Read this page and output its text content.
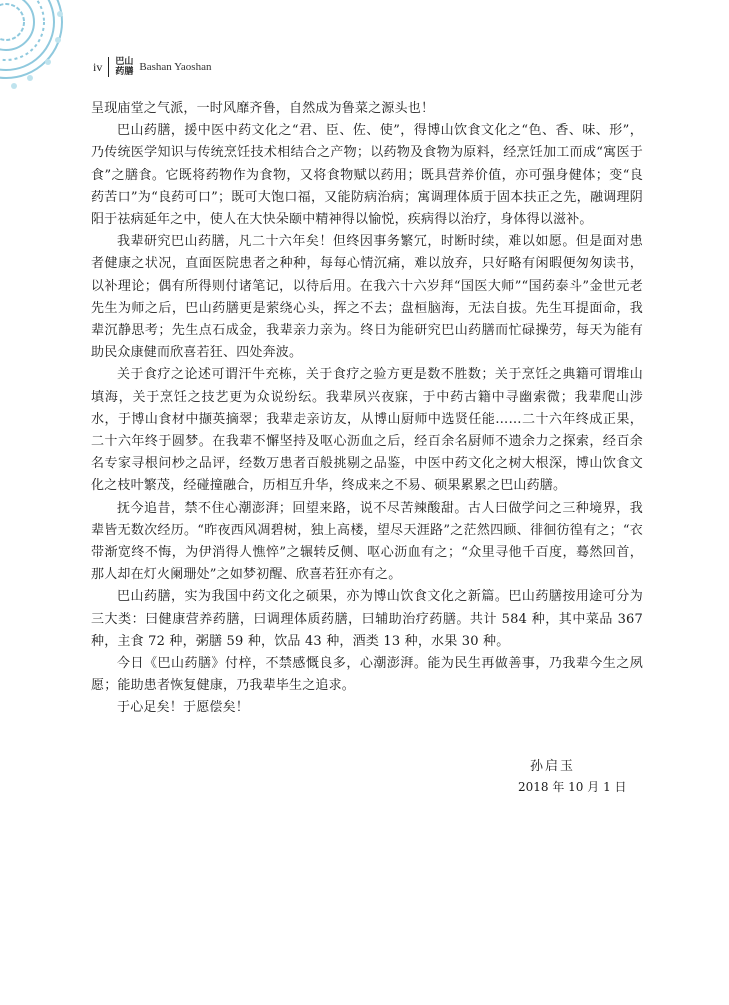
iv 巴山
药膳 Bashan Yaoshan

呈现庙堂之气派，一时风靡齐鲁，自然成为鲁菜之源头也！

巴山药膳，援中医中药文化之“君、臣、佐、使”，得博山饮食文化之“色、香、味、形”，乃传统医学知识与传统烹饪技术相结合之产物；以药物及食物为原料，经烹饪加工而成“寓医于食”之膳食。它既将药物作为食物，又将食物赋以药用；既具营养价值，亦可强身健体；变“良药苦口”为“良药可口”；既可大饱口福，又能防病治病；寓调理体质于固本扶正之先，融调理阴阳于祛病延年之中，使人在大快朵颐中精神得以愉悦，疾病得以治疗，身体得以滋补。

我辈研究巴山药膳，凡二十六年矣！但终因事务繁冗，时断时续，难以如愿。但是面对患者健康之状况，直面医院患者之种种，每每心情沉痛，难以放弃，只好略有闲暇便匆匆读书，以补理论；偶有所得则付诸笔记，以待后用。在我六十六岁拜“国医大师”“国药泰斗”金世元老先生为师之后，巴山药膳更是萦绕心头，挥之不去；盘桓脑海，无法自拔。先生耳提面命，我辈沉静思考；先生点石成金，我辈亲力亲为。终日为能研究巴山药膳而忙碌操劳，每天为能有助民众康健而欣喜若狂、四处奔波。

关于食疗之论述可谓汗牛充栋，关于食疗之验方更是数不胜数；关于烹饪之典籍可谓堆山填海，关于烹饪之技艺更为众说纷纭。我辈夙兴夜寐，于中药古籍中寻幽索微；我辈爬山涉水，于博山食材中撷英摘翠；我辈走亲访友，从博山厨师中选贤任能……二十六年终成正果，二十六年终于圆梦。在我辈不懈坚持及呕心沥血之后，经百余名厨师不遗余力之探索，经百余名专家寻根问杪之品评，经数万患者百般挑剔之品鉴，中医中药文化之树大根深，博山饮食文化之枝叶繁茂，经碰撞融合，历相互升华，终成来之不易、硕果累累之巴山药膳。

抚今追昔，禁不住心潮澎湃；回望来路，说不尽苦辣酸甜。古人曰做学问之三种境界，我辈皆无数次经历。“昨夜西风凋碧树，独上高楼，望尽天涯路”之茫然四顾、徘徊彷徨有之；“衣带渐宽终不悔，为伊消得人憔悴”之辗转反侧、呕心沥血有之；“众里寻他千百度，蓦然回首，那人却在灯火阑珊处”之如梦初醒、欣喜若狂亦有之。

巴山药膳，实为我国中药文化之硕果，亦为博山饮食文化之新篇。巴山药膳按用途可分为三大类：曰健康营养药膳，曰调理体质药膳，曰辅助治疗药膳。共计 584 种，其中菜品 367 种，主食 72 种，粥膳 59 种，饮品 43 种，酒类 13 种，水果 30 种。

今日《巴山药膳》付梓，不禁感慨良多，心潮澎湃。能为民生再做善事，乃我辈今生之夙愿；能助患者恢复健康，乃我辈毕生之追求。

于心足矣！于愿偿矣！

孙启玉
2018 年 10 月 1 日
